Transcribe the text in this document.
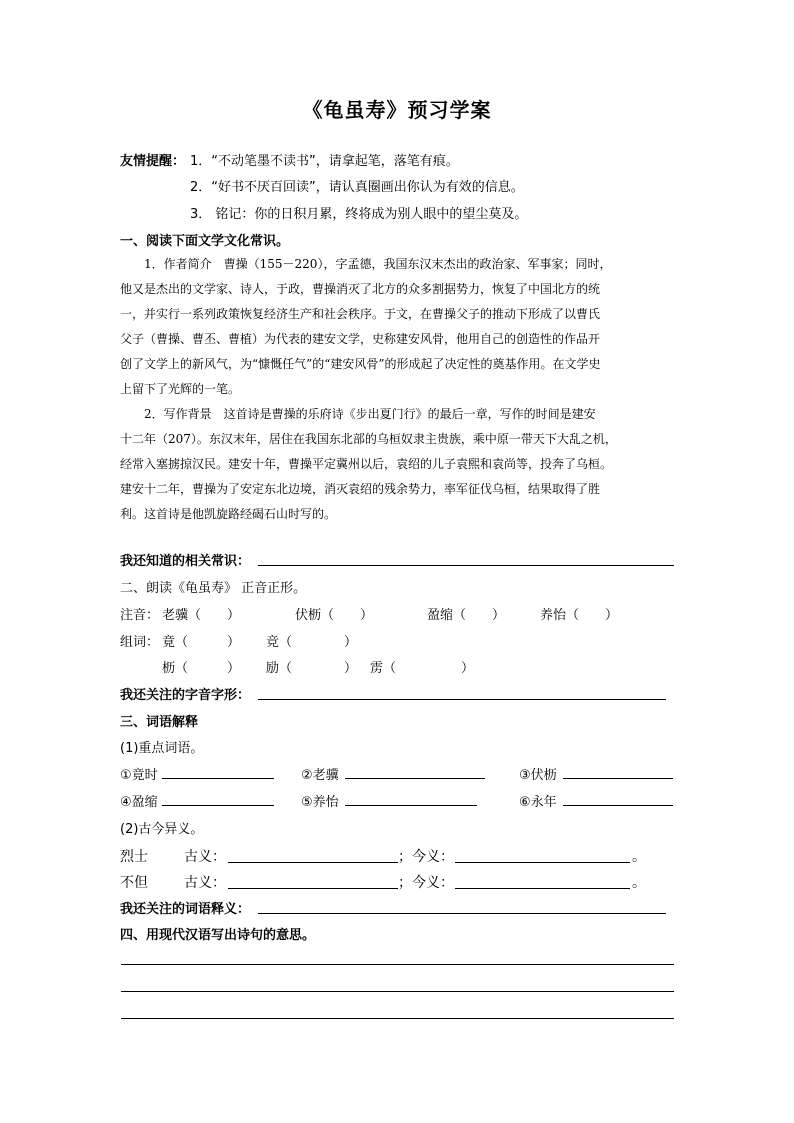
《龟虽寿》预习学案
友情提醒： 1．“不动笔墨不读书”，请拿起笔，落笔有痕。
2．“好书不厌百回读”，请认真圈画出你认为有效的信息。
3． 铭记：你的日积月累，终将成为别人眼中的望尘莫及。
一、阅读下面文学文化常识。
1．作者简介　曹操（155－220），字孟德，我国东汉末杰出的政治家、军事家；同时，
他又是杰出的文学家、诗人，于政，曹操消灭了北方的众多割据势力，恢复了中国北方的统
一，并实行一系列政策恢复经济生产和社会秩序。于文，在曹操父子的推动下形成了以曹氏
父子（曹操、曹丕、曹植）为代表的建安文学，史称建安风骨，他用自己的创造性的作品开
创了文学上的新风气，为“慷慨任气”的“建安风骨”的形成起了决定性的奠基作用。在文学史
上留下了光辉的一笔。
2．写作背景　这首诗是曹操的乐府诗《步出夏门行》的最后一章，写作的时间是建安
十二年（207）。东汉末年，居住在我国东北部的乌桓奴隶主贵族，乘中原一带天下大乱之机，
经常入塞掳掠汉民。建安十年，曹操平定冀州以后，袁绍的儿子袁熙和袁尚等，投奔了乌桓。
建安十二年，曹操为了安定东北边境，消灭袁绍的残余势力，率军征伐乌桓，结果取得了胜
利。这首诗是他凯旋路经碣石山时写的。
我还知道的相关常识：
二、朗读《龟虽寿》 正音正形。
注音： 老骥（　　）	伏枥（　　）	盈缩（　　）	养怡（　　）
组词： 竟（　　　） 竞（　　　　）
枥（　　　） 励（　　　　） 雳（　　　　　）
我还关注的字音字形：
三、词语解释
(1)重点词语。
①竟时	②老骥	③伏枥
④盈缩	⑤养怡	⑥永年
(2)古今异义。
烈士	古义：	；今义：	。
不但	古义：	；今义：	。
我还关注的词语释义：
四、用现代汉语写出诗句的意思。
